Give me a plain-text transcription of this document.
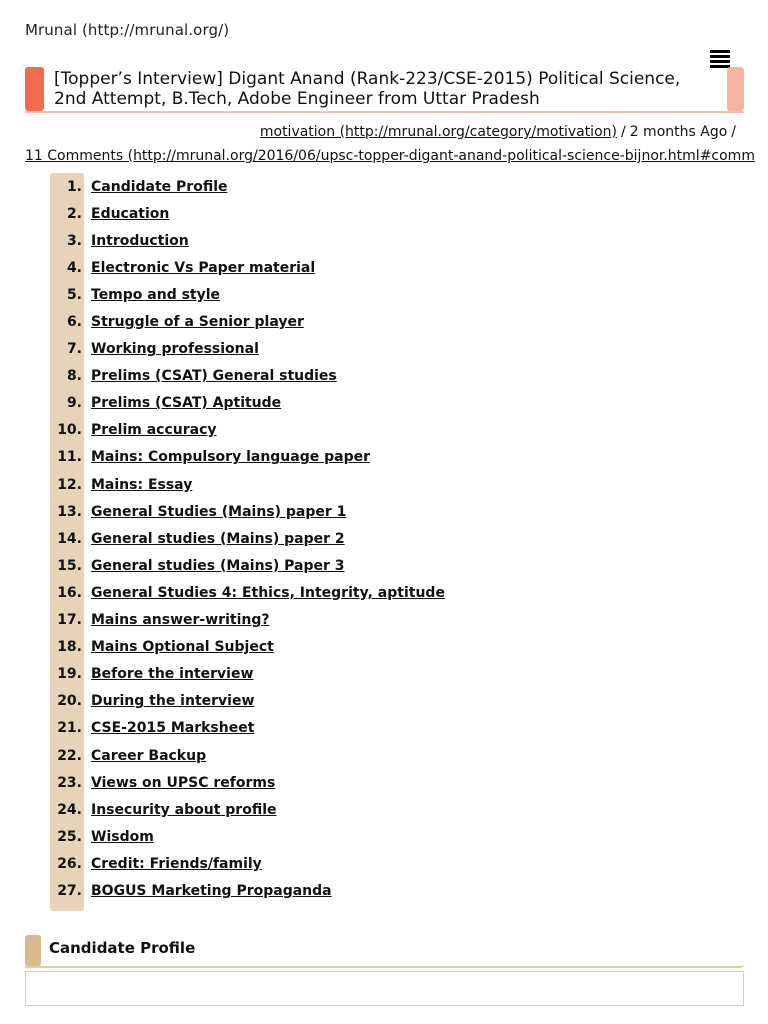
Mrunal (http://mrunal.org/)
[Topper’s Interview] Digant Anand (Rank-223/CSE-2015) Political Science, 2nd Attempt, B.Tech, Adobe Engineer from Uttar Pradesh
motivation (http://mrunal.org/category/motivation) / 2 months Ago /
11 Comments (http://mrunal.org/2016/06/upsc-topper-digant-anand-political-science-bijnor.html#comm
1. Candidate Profile
2. Education
3. Introduction
4. Electronic Vs Paper material
5. Tempo and style
6. Struggle of a Senior player
7. Working professional
8. Prelims (CSAT) General studies
9. Prelims (CSAT) Aptitude
10. Prelim accuracy
11. Mains: Compulsory language paper
12. Mains: Essay
13. General Studies (Mains) paper 1
14. General studies (Mains) paper 2
15. General studies (Mains) Paper 3
16. General Studies 4: Ethics, Integrity, aptitude
17. Mains answer-writing?
18. Mains Optional Subject
19. Before the interview
20. During the interview
21. CSE-2015 Marksheet
22. Career Backup
23. Views on UPSC reforms
24. Insecurity about profile
25. Wisdom
26. Credit: Friends/family
27. BOGUS Marketing Propaganda
Candidate Profile
